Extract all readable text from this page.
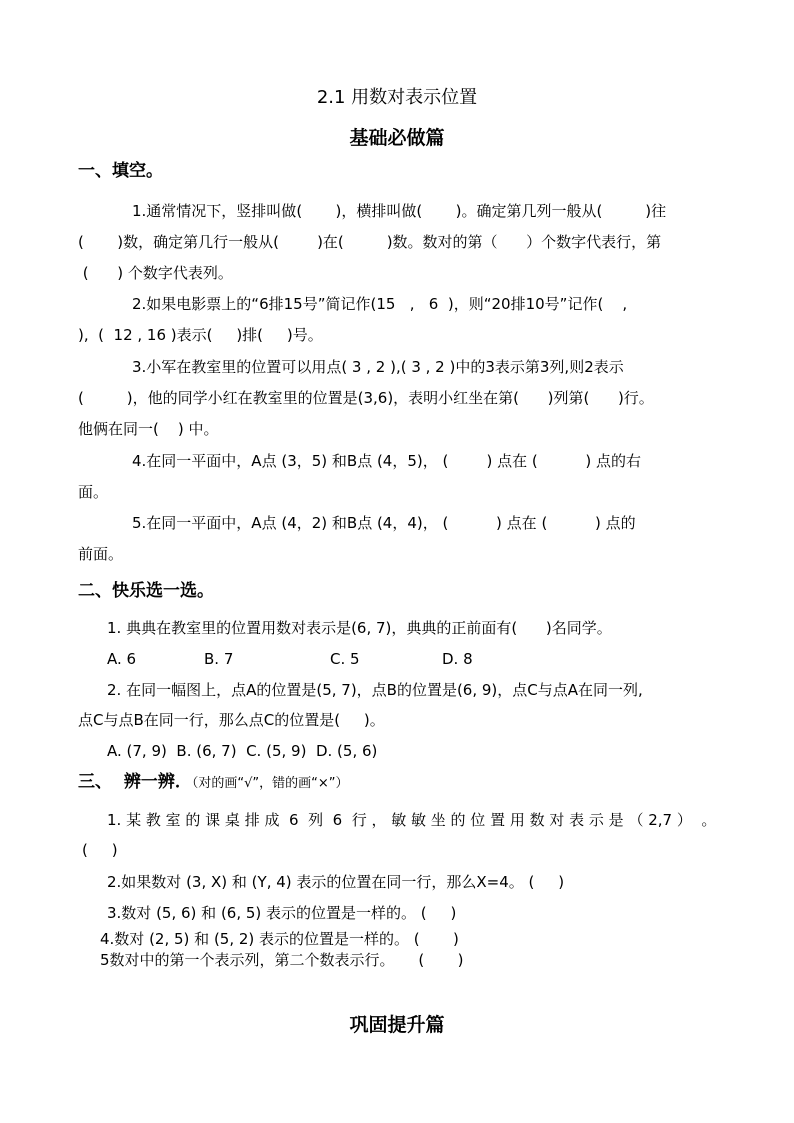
2.1 用数对表示位置
基础必做篇
一、填空。
1.通常情况下，竖排叫做(       )，横排叫做(       )。确定第几列一般从(         )往
(       )数，确定第几行一般从(        )在(         )数。数对的第（      ）个数字代表行，第
(      ) 个数字代表列。
2.如果电影票上的“6排15号”简记作(15   ,   6  )，则“20排10号”记作(    ,
),  (  12 , 16 )表示(     )排(     )号。
3.小军在教室里的位置可以用点( 3 , 2 ),( 3 , 2 )中的3表示第3列,则2表示
(         )，他的同学小红在教室里的位置是(3,6)，表明小红坐在第(      )列第(      )行。
他俩在同一(    ) 中。
4.在同一平面中，A点 (3，5) 和B点 (4，5)， (        ) 点在 (          ) 点的右
面。
5.在同一平面中，A点 (4，2) 和B点 (4，4)， (          ) 点在 (          ) 点的
前面。
二、快乐选一选。
1. 典典在教室里的位置用数对表示是(6, 7)，典典的正前面有(      )名同学。
A. 6	B. 7	C. 5	D. 8
2. 在同一幅图上，点A的位置是(5, 7)，点B的位置是(6, 9)，点C与点A在同一列,
点C与点B在同一行，那么点C的位置是(     )。
A. (7, 9)  B. (6, 7)  C. (5, 9)  D. (5, 6)
三、  辨一辨．（对的画“√”，错的画“×”）
1. 某 教 室 的 课 桌 排 成  6  列  6  行 ， 敏 敏 坐 的 位 置 用 数 对 表 示 是 （ 2,7 ）  。
(     )
2.如果数对 (3, X) 和 (Y, 4) 表示的位置在同一行，那么X=4。 (     )
3.数对 (5, 6) 和 (6, 5) 表示的位置是一样的。 (     )
4.数对 (2, 5) 和 (5, 2) 表示的位置是一样的。 (       )
5数对中的第一个表示列，第二个数表示行。     (       )
巩固提升篇
